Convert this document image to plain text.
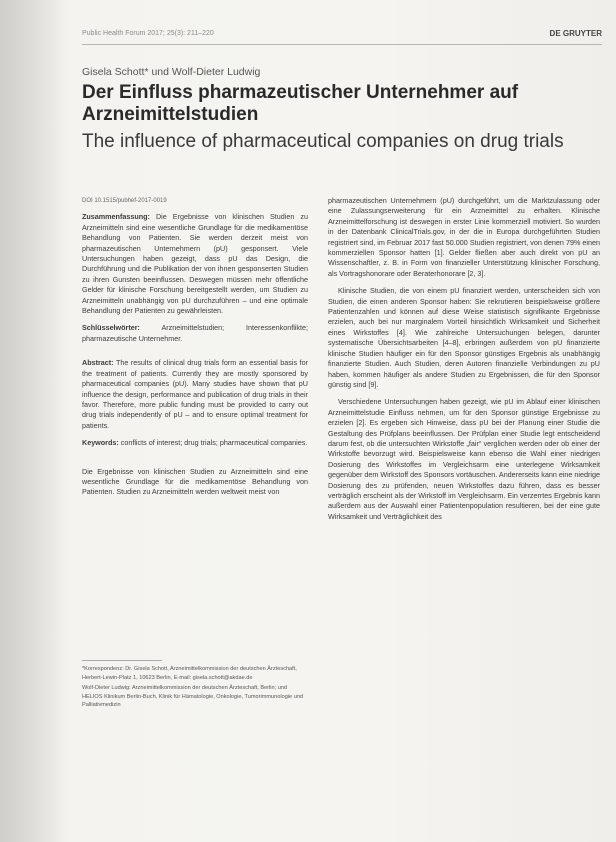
Public Health Forum 2017; 25(3): 211–220	DE GRUYTER
Gisela Schott* und Wolf-Dieter Ludwig
Der Einfluss pharmazeutischer Unternehmer auf Arzneimittelstudien
The influence of pharmaceutical companies on drug trials
DOI 10.1515/pubhef-2017-0019

Zusammenfassung: Die Ergebnisse von klinischen Studien zu Arzneimitteln sind eine wesentliche Grundlage für die medikamentöse Behandlung von Patienten. Sie werden derzeit meist von pharmazeutischen Unternehmern (pU) gesponsert. Viele Untersuchungen haben gezeigt, dass pU das Design, die Durchführung und die Publikation der von ihnen gesponserten Studien zu ihren Gunsten beeinflussen. Deswegen müssen mehr öffentliche Gelder für klinische Forschung bereitgestellt werden, um Studien zu Arzneimitteln unabhängig von pU durchzuführen – und eine optimale Behandlung der Patienten zu gewährleisten.

Schlüsselwörter:	Arzneimittelstudien; Interessenkonflikte; pharmazeutische Unternehmer.

Abstract: The results of clinical drug trials form an essential basis for the treatment of patients. Currently they are mostly sponsored by pharmaceutical companies (pU). Many studies have shown that pU influence the design, performance and publication of drug trials in their favor. Therefore, more public funding must be provided to carry out drug trials independently of pU – and to ensure optimal treatment for patients.

Keywords: conflicts of interest; drug trials; pharmaceutical companies.

Die Ergebnisse von klinischen Studien zu Arzneimitteln sind eine wesentliche Grundlage für die medikamentöse Behandlung von Patienten. Studien zu Arzneimitteln werden weltweit meist von

*Korrespondenz: Dr. Gisela Schott, Arzneimittelkommission der deutschen Ärzteschaft, Herbert-Lewin-Platz 1, 10623 Berlin, E-mail: gisela.schott@akdae.de

Wolf-Dieter Ludwig: Arzneimittelkommission der deutschen Ärzteschaft, Berlin; und HELIOS Klinikum Berlin-Buch, Klinik für Hämatologie, Onkologie, Tumorimmunologie und Palliativmedizin

pharmazeutischen Unternehmern (pU) durchgeführt, um die Marktzulassung oder eine Zulassungserweiterung für ein Arzneimittel zu erhalten. Klinische Arzneimittelforschung ist deswegen in erster Linie kommerziell motiviert. So wurden in der Datenbank ClinicalTrials.gov, in der die in Europa durchgeführten Studien registriert sind, im Februar 2017 fast 50.000 Studien registriert, von denen 79% einen kommerziellen Sponsor hatten [1]. Gelder fließen aber auch direkt von pU an Wissenschaftler, z. B. in Form von finanzieller Unterstützung klinischer Forschung, als Vortragshonorare oder Beraterhonorare [2, 3].

Klinische Studien, die von einem pU finanziert werden, unterscheiden sich von Studien, die einen anderen Sponsor haben: Sie rekrutieren beispielsweise größere Patientenzahlen und können auf diese Weise statistisch signifikante Ergebnisse erzielen, auch bei nur marginalem Vorteil hinsichtlich Wirksamkeit und Sicherheit eines Wirkstoffes [4]. Wie zahlreiche Untersuchungen belegen, darunter systematische Übersichtsarbeiten [4–8], erbringen außerdem von pU finanzierte klinische Studien häufiger ein für den Sponsor günstiges Ergebnis als unabhängig finanzierte Studien. Auch Studien, deren Autoren finanzielle Verbindungen zu pU haben, kommen häufiger als andere Studien zu Ergebnissen, die für den Sponsor günstig sind [9].

Verschiedene Untersuchungen haben gezeigt, wie pU im Ablauf einer klinischen Arzneimittelstudie Einfluss nehmen, um für den Sponsor günstige Ergebnisse zu erzielen [2]. Es ergeben sich Hinweise, dass pU bei der Planung einer Studie die Gestaltung des Prüfplans beeinflussen. Der Prüfplan einer Studie legt entscheidend darum fest, ob die untersuchten Wirkstoffe „fair“ verglichen werden oder ob einer der Wirkstoffe bevorzugt wird. Beispielsweise kann ebenso die Wahl einer niedrigen Dosierung des Wirkstoffes im Vergleichsarm eine unterlegene Wirksamkeit gegenüber dem Wirkstoff des Sponsors vortäuschen. Andererseits kann eine niedrige Dosierung des zu prüfenden, neuen Wirkstoffes dazu führen, dass es besser verträglich erscheint als der Wirkstoff im Vergleichsarm. Ein verzerrtes Ergebnis kann außerdem aus der Auswahl einer Patientenpopulation resultieren, bei der eine gute Wirksamkeit und Verträglichkeit des
